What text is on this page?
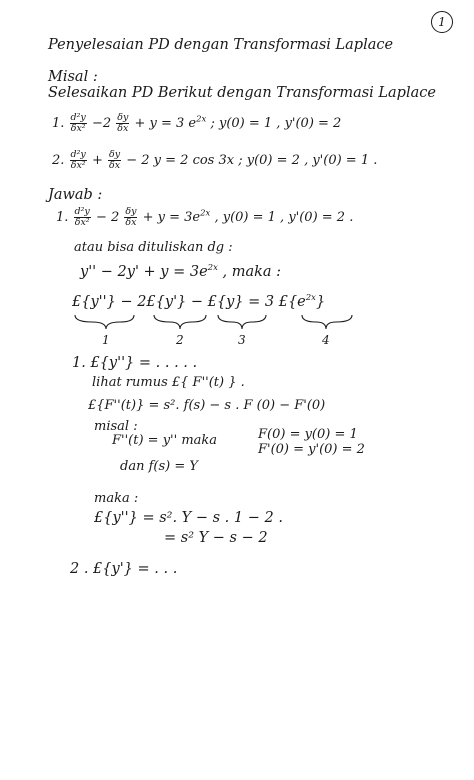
1
Penyelesaian PD dengan Transformasi Laplace
Misal :
Selesaikan PD Berikut dengan Transformasi Laplace
1. $\frac{\text{d²y}}{\text{δx²}} -2 \frac{\delta y}{\delta x} + y = 3$ $e^{2x}$ ; y(0) = 1 , y'(0) = 2
2. $\frac{\text{d²y}}{\text{δx²}} + \frac{\delta y}{\delta x} - 2$ y = 2 cos 3x ; y(0) = 2 , y'(0) = 1 .
Jawab :
1. $\frac{\text{d²y}}{\text{δx²}} - 2 \frac{\delta y}{\delta x} + y = 3e^{2x}$ , y(0) = 1 , y'(0) = 2 .
atau bisa dituliskan dg :
$y'' - 2y' + y = 3e^{2x}$ , maka :
£{y''} − 2£{y'} − £{y} = 3 $£\{e^{2x}\}$
1	2	3	4
1. £{y''} = . . . . .
lihat rumus £{ F''(t) } .
£{F''(t)} = s². f(s) − s . F (0) − F'(0)
misal :
F''(t) = y'' maka	F(0) = y(0) = 1
F'(0) = y'(0) = 2
dan f(s) = Y
maka :
£{y''} = s². Y − s . 1 − 2 .
= s² Y − s − 2
2 . £{y'} = . . .
